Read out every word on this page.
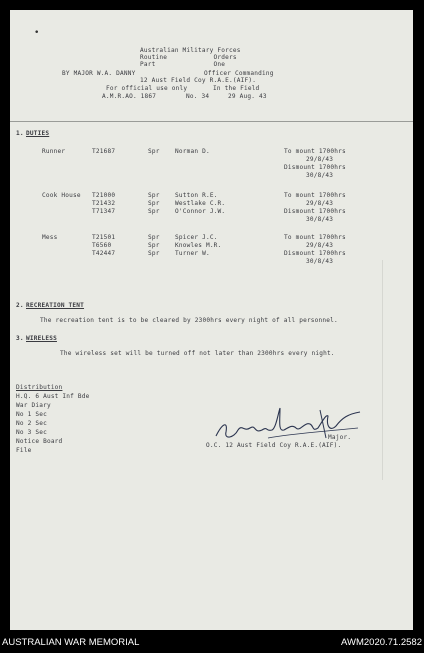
•
Australian Military Forces
Routine            Orders
Part               One
BY MAJOR W.A. DANNY	Officer Commanding
12 Aust Field Coy R.A.E.(AIF).
For official use only	In the Field
A.M.R.AO. 1867	No. 34	29 Aug. 43
1. DUTIES
Runner	T21687	Spr	Norman D.	To mount 1700hrs
29/8/43
Dismount 1700hrs
30/8/43
Cook House T21000	Spr	Sutton R.E.
T21432	Spr	Westlake C.R.
T71347	Spr	O'Connor J.W.
To mount 1700hrs
29/8/43
Dismount 1700hrs
30/8/43
Mess	T21501	Spr	Spicer J.C.
T6560	Spr	Knowles M.R.
T42447	Spr	Turner W.
To mount 1700hrs
29/8/43
Dismount 1700hrs
30/8/43
2. RECREATION TENT
The recreation tent is to be cleared by 2300hrs every night of all personnel.
3. WIRELESS
The wireless set will be turned off not later than 2300hrs every night.
Distribution
H.Q. 6 Aust Inf Bde
War Diary
No 1 Sec
No 2 Sec
No 3 Sec
Notice Board
File
Major.
O.C. 12 Aust Field Coy R.A.E.(AIF).
AUSTRALIAN WAR MEMORIAL	AWM2020.71.2582
